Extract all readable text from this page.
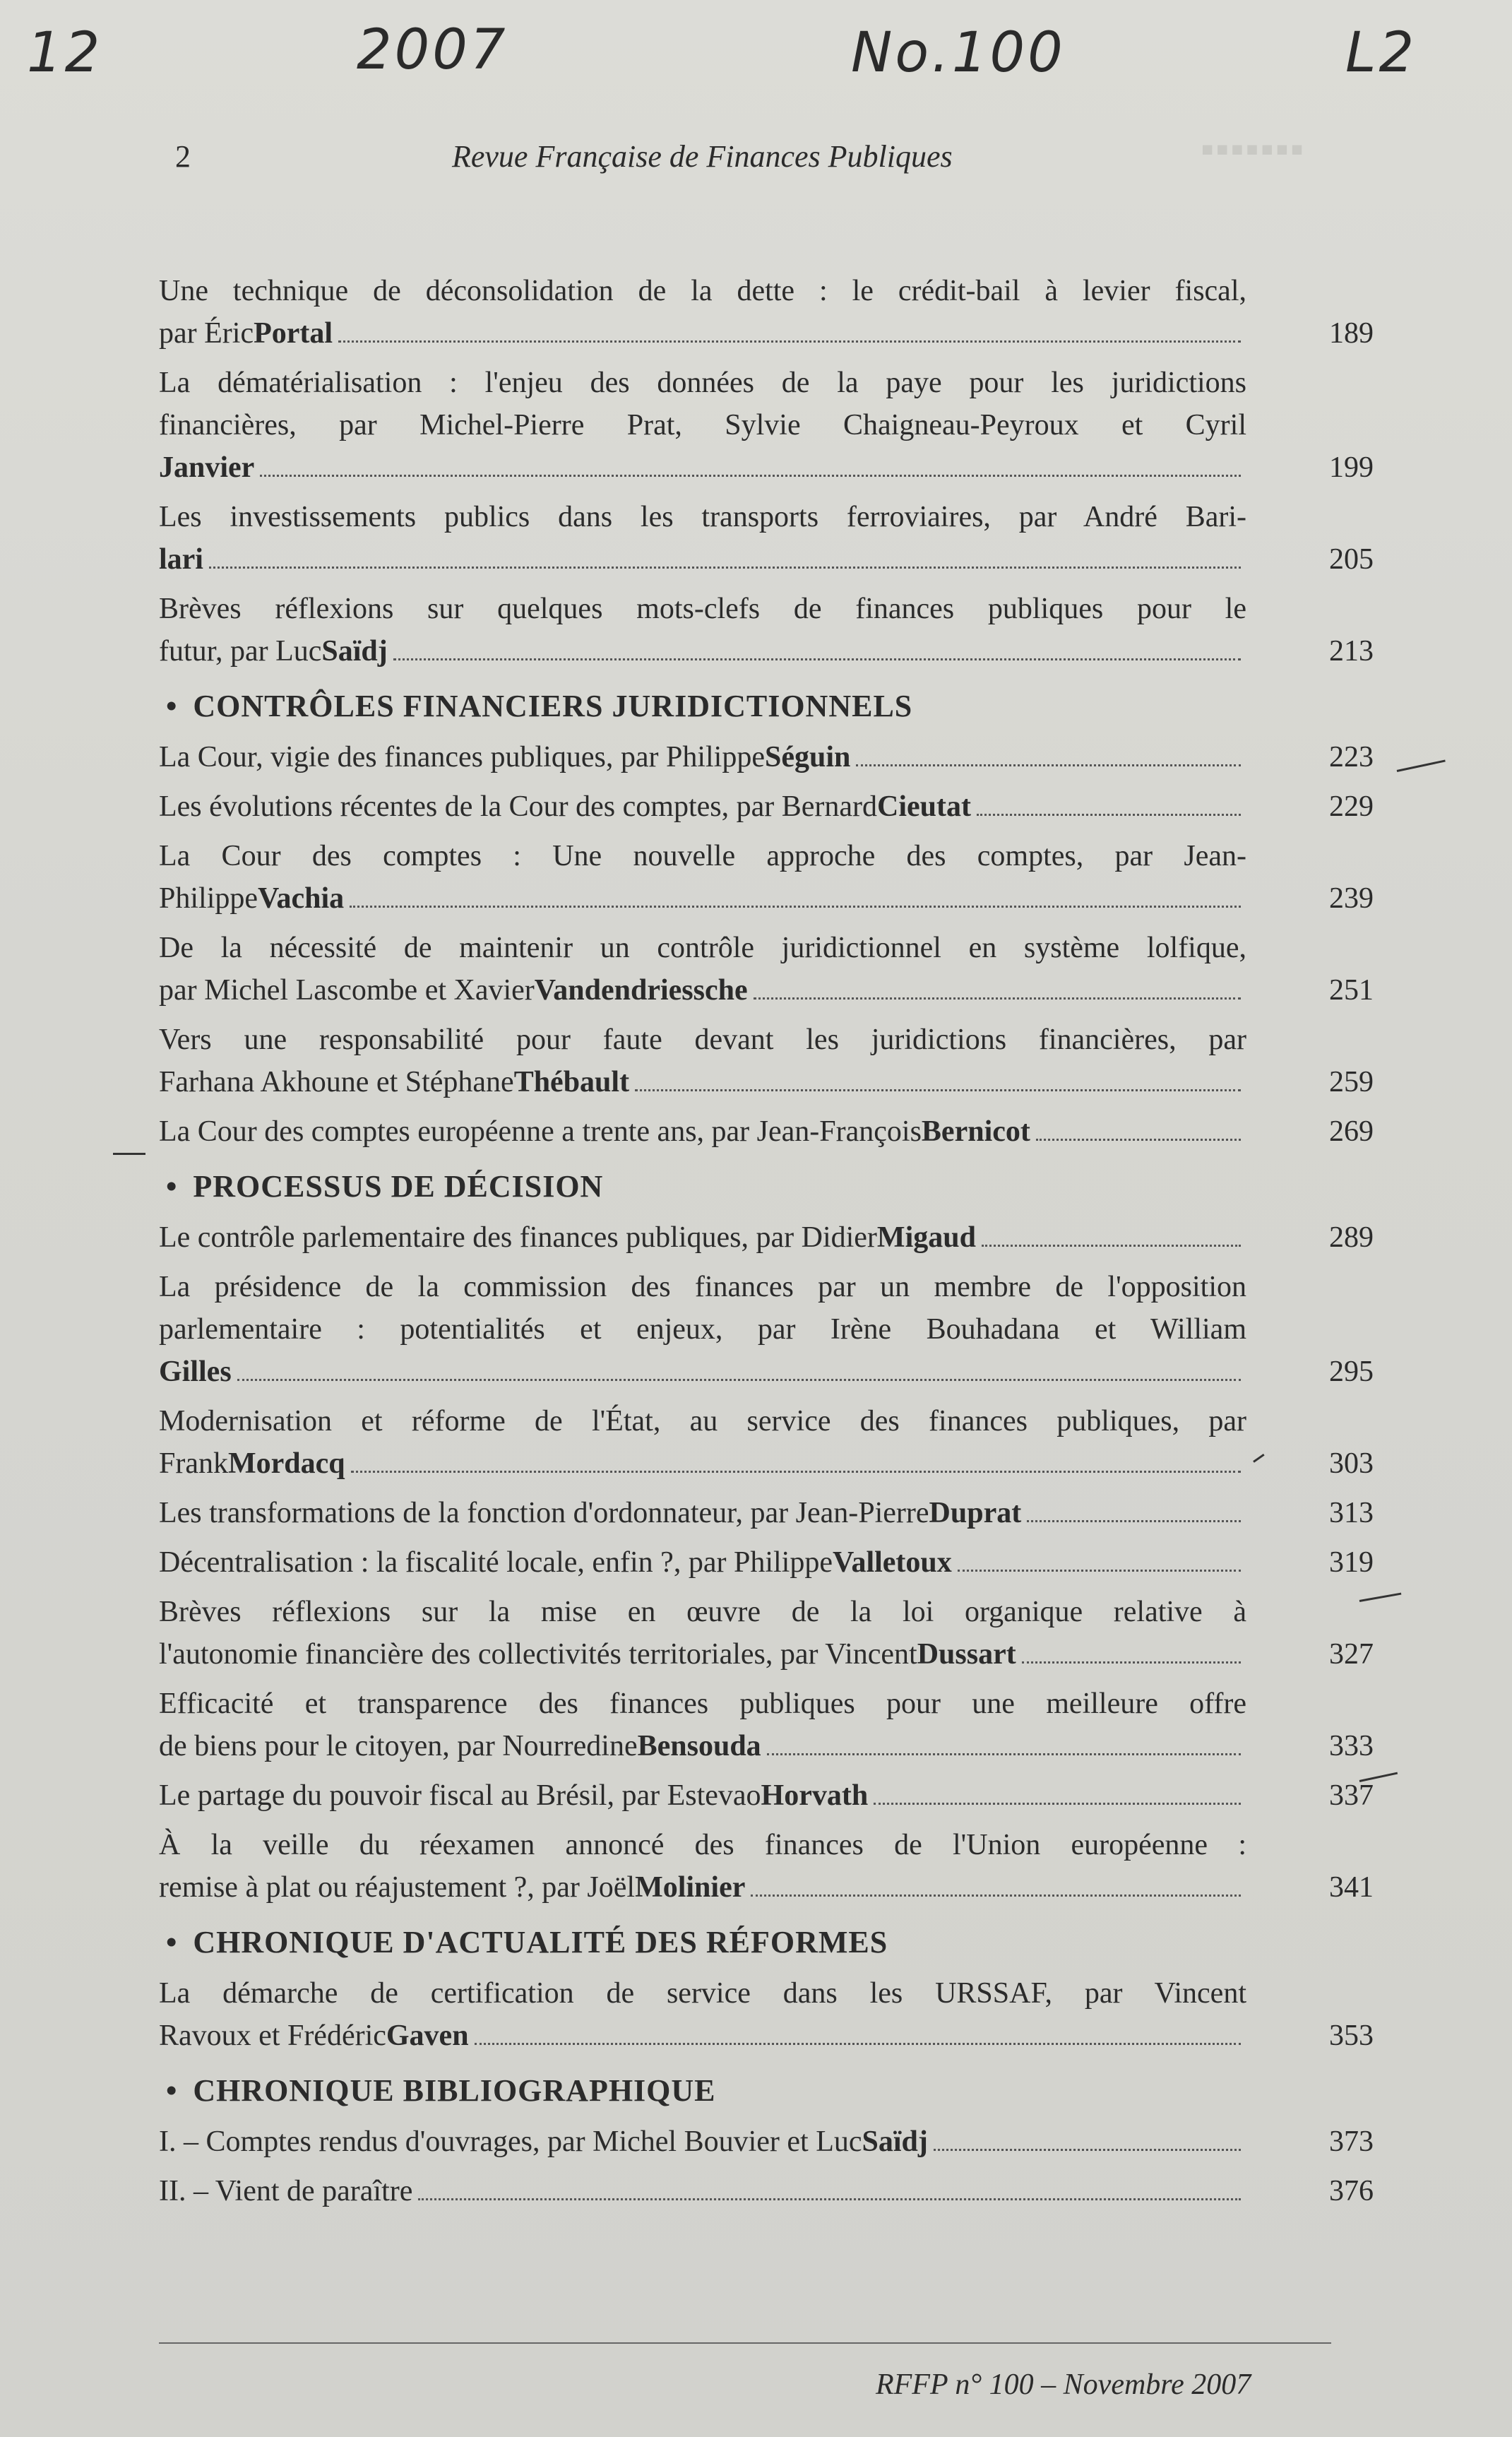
▪▪▪▪▪▪▪
12	2007	No.100	L2
2	Revue Française de Finances Publiques
Une technique de déconsolidation de la dette : le crédit-bail à levier fiscal,
par Éric Portal	189
La dématérialisation : l'enjeu des données de la paye pour les juridictions
financières, par Michel-Pierre Prat, Sylvie Chaigneau-Peyroux et Cyril
Janvier	199
Les investissements publics dans les transports ferroviaires, par André Bari-
lari	205
Brèves réflexions sur quelques mots-clefs de finances publiques pour le
futur, par Luc Saïdj	213
• CONTRÔLES FINANCIERS JURIDICTIONNELS
La Cour, vigie des finances publiques, par Philippe Séguin	223
Les évolutions récentes de la Cour des comptes, par Bernard Cieutat	229
La Cour des comptes : Une nouvelle approche des comptes, par Jean-
Philippe Vachia	239
De la nécessité de maintenir un contrôle juridictionnel en système lolfique,
par Michel Lascombe et Xavier Vandendriessche	251
Vers une responsabilité pour faute devant les juridictions financières, par
Farhana Akhoune et Stéphane Thébault	259
La Cour des comptes européenne a trente ans, par Jean-François Bernicot	269
• PROCESSUS DE DÉCISION
Le contrôle parlementaire des finances publiques, par Didier Migaud	289
La présidence de la commission des finances par un membre de l'opposition
parlementaire : potentialités et enjeux, par Irène Bouhadana et William
Gilles	295
Modernisation et réforme de l'État, au service des finances publiques, par
Frank Mordacq	303
Les transformations de la fonction d'ordonnateur, par Jean-Pierre Duprat	313
Décentralisation : la fiscalité locale, enfin ?, par Philippe Valletoux	319
Brèves réflexions sur la mise en œuvre de la loi organique relative à
l'autonomie financière des collectivités territoriales, par Vincent Dussart	327
Efficacité et transparence des finances publiques pour une meilleure offre
de biens pour le citoyen, par Nourredine Bensouda	333
Le partage du pouvoir fiscal au Brésil, par Estevao Horvath	337
À la veille du réexamen annoncé des finances de l'Union européenne :
remise à plat ou réajustement ?, par Joël Molinier	341
• CHRONIQUE D'ACTUALITÉ DES RÉFORMES
La démarche de certification de service dans les URSSAF, par Vincent
Ravoux et Frédéric Gaven	353
• CHRONIQUE BIBLIOGRAPHIQUE
I. – Comptes rendus d'ouvrages, par Michel Bouvier et Luc Saïdj	373
II. – Vient de paraître	376
RFFP n° 100 – Novembre 2007
